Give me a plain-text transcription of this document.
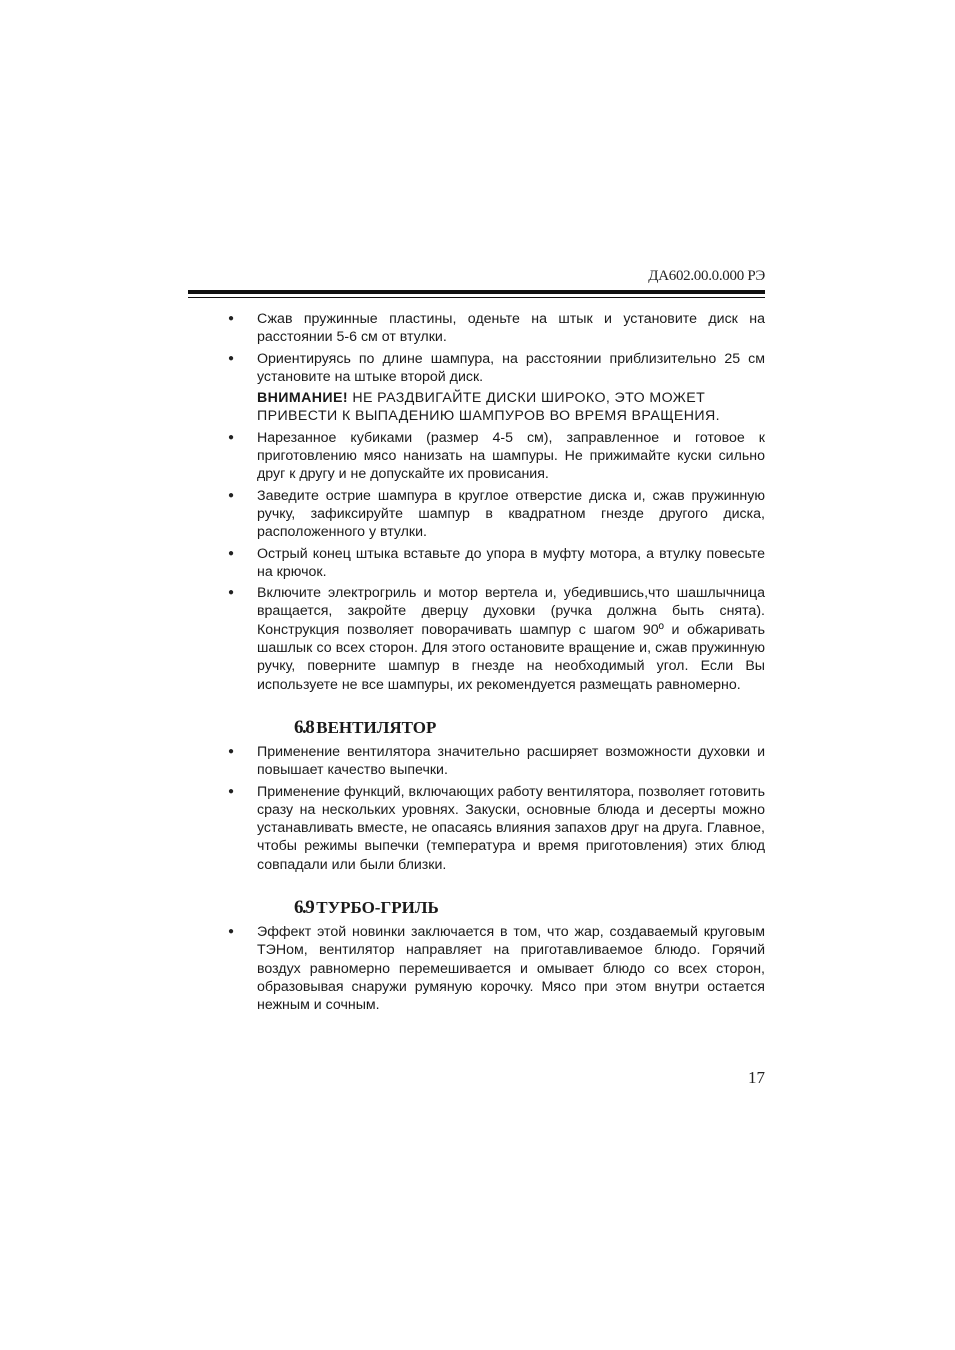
ДА602.00.0.000 РЭ
● Сжав пружинные пластины, оденьте на штык и установите диск на расстоянии 5-6 см от втулки.
● Ориентируясь по длине шампура, на расстоянии приблизительно 25 см установите на штыке второй диск.
ВНИМАНИЕ! НЕ РАЗДВИГАЙТЕ ДИСКИ ШИРОКО, ЭТО МОЖЕТ ПРИВЕСТИ К ВЫПАДЕНИЮ ШАМПУРОВ ВО ВРЕМЯ ВРАЩЕНИЯ.
● Нарезанное кубиками (размер 4-5 см), заправленное и готовое к приготовлению мясо нанизать на шампуры. Не прижимайте куски сильно друг к другу и не допускайте их провисания.
● Заведите острие шампура в круглое отверстие диска и, сжав пружинную ручку, зафиксируйте шампур в квадратном гнезде другого диска, расположенного у втулки.
● Острый конец штыка вставьте до упора в муфту мотора, а втулку повесьте на крючок.
● Включите электрогриль и мотор вертела и, убедившись,что шашлычница вращается, закройте дверцу духовки (ручка должна быть снята). Конструкция позволяет поворачивать шампур с шагом 90º и обжаривать шашлык со всех сторон. Для этого остановите вращение и, сжав пружинную ручку, поверните шампур в гнезде на необходимый угол. Если Вы используете не все шампуры, их рекомендуется размещать равномерно.
6.8 ВЕНТИЛЯТОР
● Применение вентилятора значительно расширяет возможности духовки и повышает качество выпечки.
● Применение функций, включающих работу вентилятора, позволяет готовить сразу на нескольких уровнях. Закуски, основные блюда и десерты можно устанавливать вместе, не опасаясь влияния запахов друг на друга. Главное, чтобы режимы выпечки (температура и время приготовления) этих блюд совпадали или были близки.
6.9 ТУРБО-ГРИЛЬ
● Эффект этой новинки заключается в том, что жар, создаваемый круговым ТЭНом, вентилятор направляет на приготавливаемое блюдо. Горячий воздух равномерно перемешивается и омывает блюдо со всех сторон, образовывая снаружи румяную корочку. Мясо при этом внутри остается нежным и сочным.
17
